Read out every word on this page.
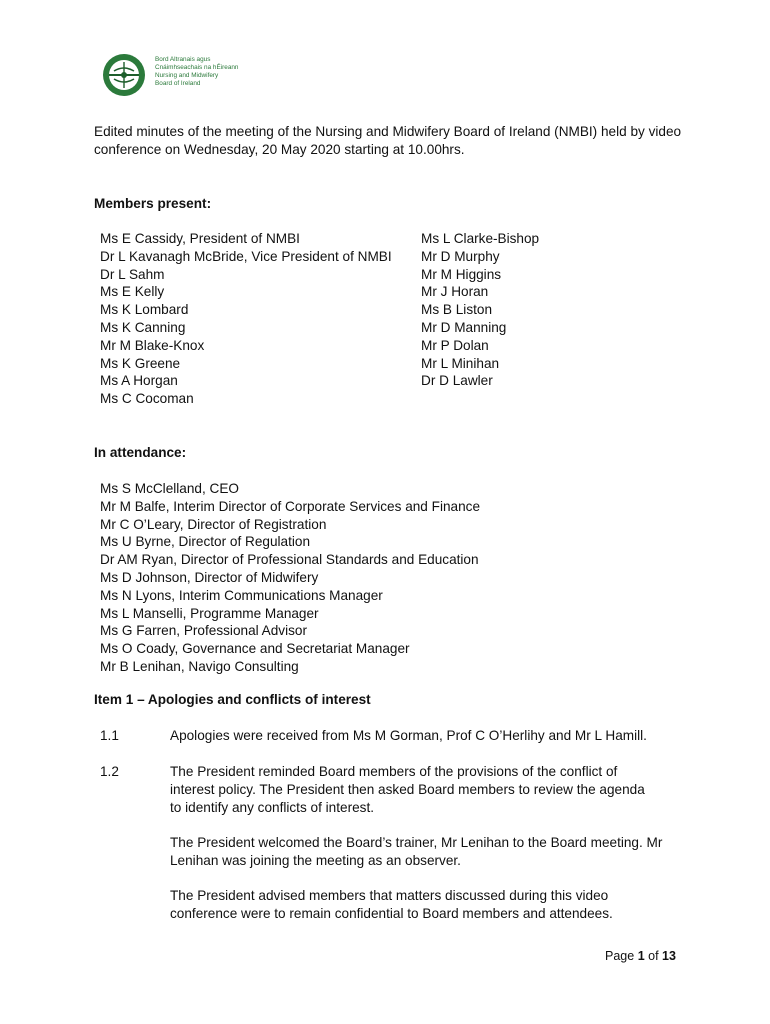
Bord Altranais agus
Cnáimhseachais na hÉireann
Nursing and Midwifery
Board of Ireland
Edited minutes of the meeting of the Nursing and Midwifery Board of Ireland (NMBI) held by video conference on Wednesday, 20 May 2020 starting at 10.00hrs.
Members present:
Ms E Cassidy, President of NMBI
Dr L Kavanagh McBride, Vice President of NMBI
Dr L Sahm
Ms E Kelly
Ms K Lombard
Ms K Canning
Mr M Blake-Knox
Ms K Greene
Ms A Horgan
Ms C Cocoman
Ms L Clarke-Bishop
Mr D Murphy
Mr M Higgins
Mr J Horan
Ms B Liston
Mr D Manning
Mr P Dolan
Mr L Minihan
Dr D Lawler
In attendance:
Ms S McClelland, CEO
Mr M Balfe, Interim Director of Corporate Services and Finance
Mr C O’Leary, Director of Registration
Ms U Byrne, Director of Regulation
Dr AM Ryan, Director of Professional Standards and Education
Ms D Johnson, Director of Midwifery
Ms N Lyons, Interim Communications Manager
Ms L Manselli, Programme Manager
Ms G Farren, Professional Advisor
Ms O Coady, Governance and Secretariat Manager
Mr B Lenihan, Navigo Consulting
Item 1 – Apologies and conflicts of interest
1.1	Apologies were received from Ms M Gorman, Prof C O’Herlihy and Mr L Hamill.
1.2	The President reminded Board members of the provisions of the conflict of interest policy. The President then asked Board members to review the agenda to identify any conflicts of interest.
The President welcomed the Board’s trainer, Mr Lenihan to the Board meeting. Mr Lenihan was joining the meeting as an observer.
The President advised members that matters discussed during this video conference were to remain confidential to Board members and attendees.
Page 1 of 13
